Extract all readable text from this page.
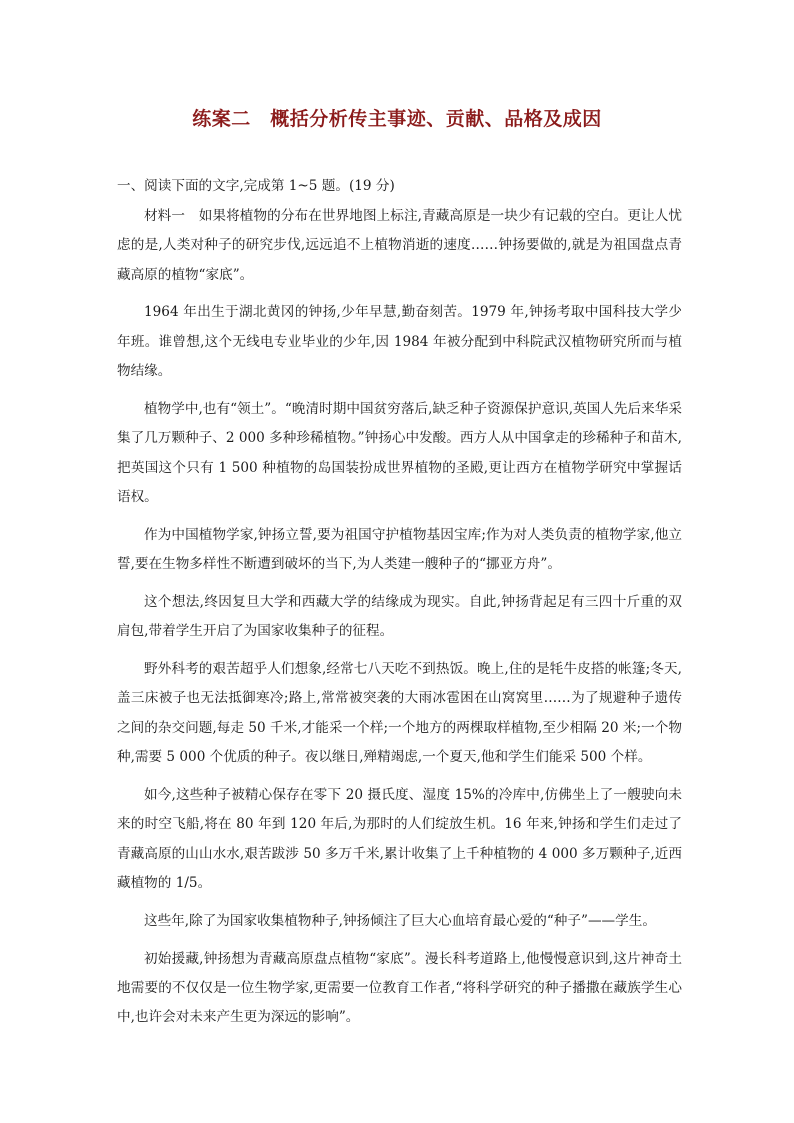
练案二　概括分析传主事迹、贡献、品格及成因
一、阅读下面的文字,完成第 1~5 题。(19 分)

材料一　如果将植物的分布在世界地图上标注,青藏高原是一块少有记载的空白。更让人忧虑的是,人类对种子的研究步伐,远远追不上植物消逝的速度……钟扬要做的,就是为祖国盘点青藏高原的植物“家底”。

1964 年出生于湖北黄冈的钟扬,少年早慧,勤奋刻苦。1979 年,钟扬考取中国科技大学少年班。谁曾想,这个无线电专业毕业的少年,因 1984 年被分配到中科院武汉植物研究所而与植物结缘。

植物学中,也有“领土”。“晚清时期中国贫穷落后,缺乏种子资源保护意识,英国人先后来华采集了几万颗种子、2 000 多种珍稀植物。”钟扬心中发酸。西方人从中国拿走的珍稀种子和苗木,把英国这个只有 1 500 种植物的岛国装扮成世界植物的圣殿,更让西方在植物学研究中掌握话语权。

作为中国植物学家,钟扬立誓,要为祖国守护植物基因宝库;作为对人类负责的植物学家,他立誓,要在生物多样性不断遭到破坏的当下,为人类建一艘种子的“挪亚方舟”。

这个想法,终因复旦大学和西藏大学的结缘成为现实。自此,钟扬背起足有三四十斤重的双肩包,带着学生开启了为国家收集种子的征程。

野外科考的艰苦超乎人们想象,经常七八天吃不到热饭。晚上,住的是牦牛皮搭的帐篷;冬天,盖三床被子也无法抵御寒冷;路上,常常被突袭的大雨冰雹困在山窝窝里……为了规避种子遗传之间的杂交问题,每走 50 千米,才能采一个样;一个地方的两棵取样植物,至少相隔 20 米;一个物种,需要 5 000 个优质的种子。夜以继日,殚精竭虑,一个夏天,他和学生们能采 500 个样。

如今,这些种子被精心保存在零下 20 摄氏度、湿度 15%的冷库中,仿佛坐上了一艘驶向未来的时空飞船,将在 80 年到 120 年后,为那时的人们绽放生机。16 年来,钟扬和学生们走过了青藏高原的山山水水,艰苦跋涉 50 多万千米,累计收集了上千种植物的 4 000 多万颗种子,近西藏植物的 1/5。

这些年,除了为国家收集植物种子,钟扬倾注了巨大心血培育最心爱的“种子”——学生。

初始援藏,钟扬想为青藏高原盘点植物“家底”。漫长科考道路上,他慢慢意识到,这片神奇土地需要的不仅仅是一位生物学家,更需要一位教育工作者,“将科学研究的种子播撒在藏族学生心中,也许会对未来产生更为深远的影响”。
